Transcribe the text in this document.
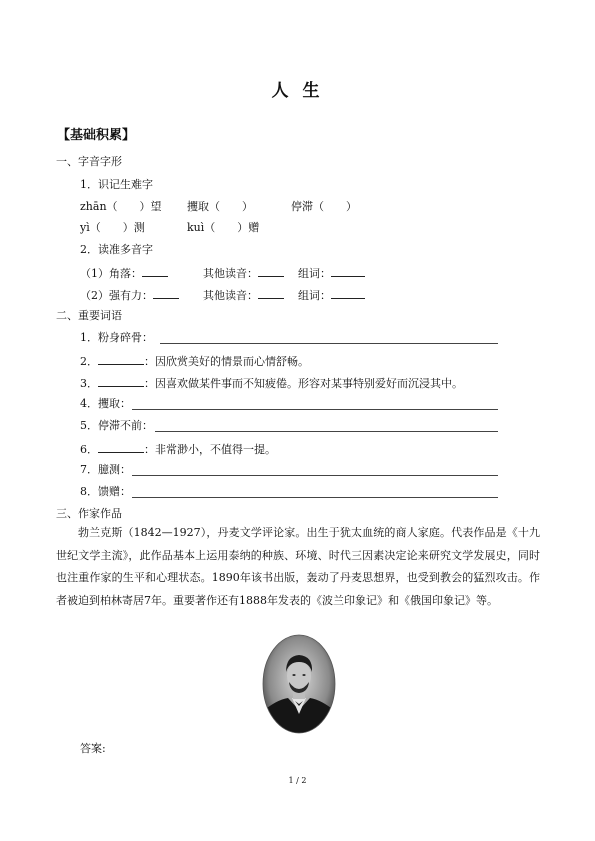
人 生
【基础积累】
一、字音字形
1．识记生难字
zhān（　　）望 攫取（　　）	停滞（　　）
yì（　　）测	kuì（　　）赠
2．读准多音字
（1）角落：	其他读音：	组词：
（2）强有力：	其他读音：	组词：
二、重要词语
1．粉身碎骨：
2．	：因欣赏美好的情景而心情舒畅。
3．	：因喜欢做某件事而不知疲倦。形容对某事特别爱好而沉浸其中。
4．攫取：
5．停滞不前：
6．	：非常渺小，不值得一提。
7．臆测：
8．馈赠：
三、作家作品
勃兰克斯（1842—1927），丹麦文学评论家。出生于犹太血统的商人家庭。代表作品是《十九世纪文学主流》，此作品基本上运用泰纳的种族、环境、时代三因素决定论来研究文学发展史，同时也注重作家的生平和心理状态。1890年该书出版，轰动了丹麦思想界，也受到教会的猛烈攻击。作者被迫到柏林寄居7年。重要著作还有1888年发表的《波兰印象记》和《俄国印象记》等。
答案:
1 / 2
